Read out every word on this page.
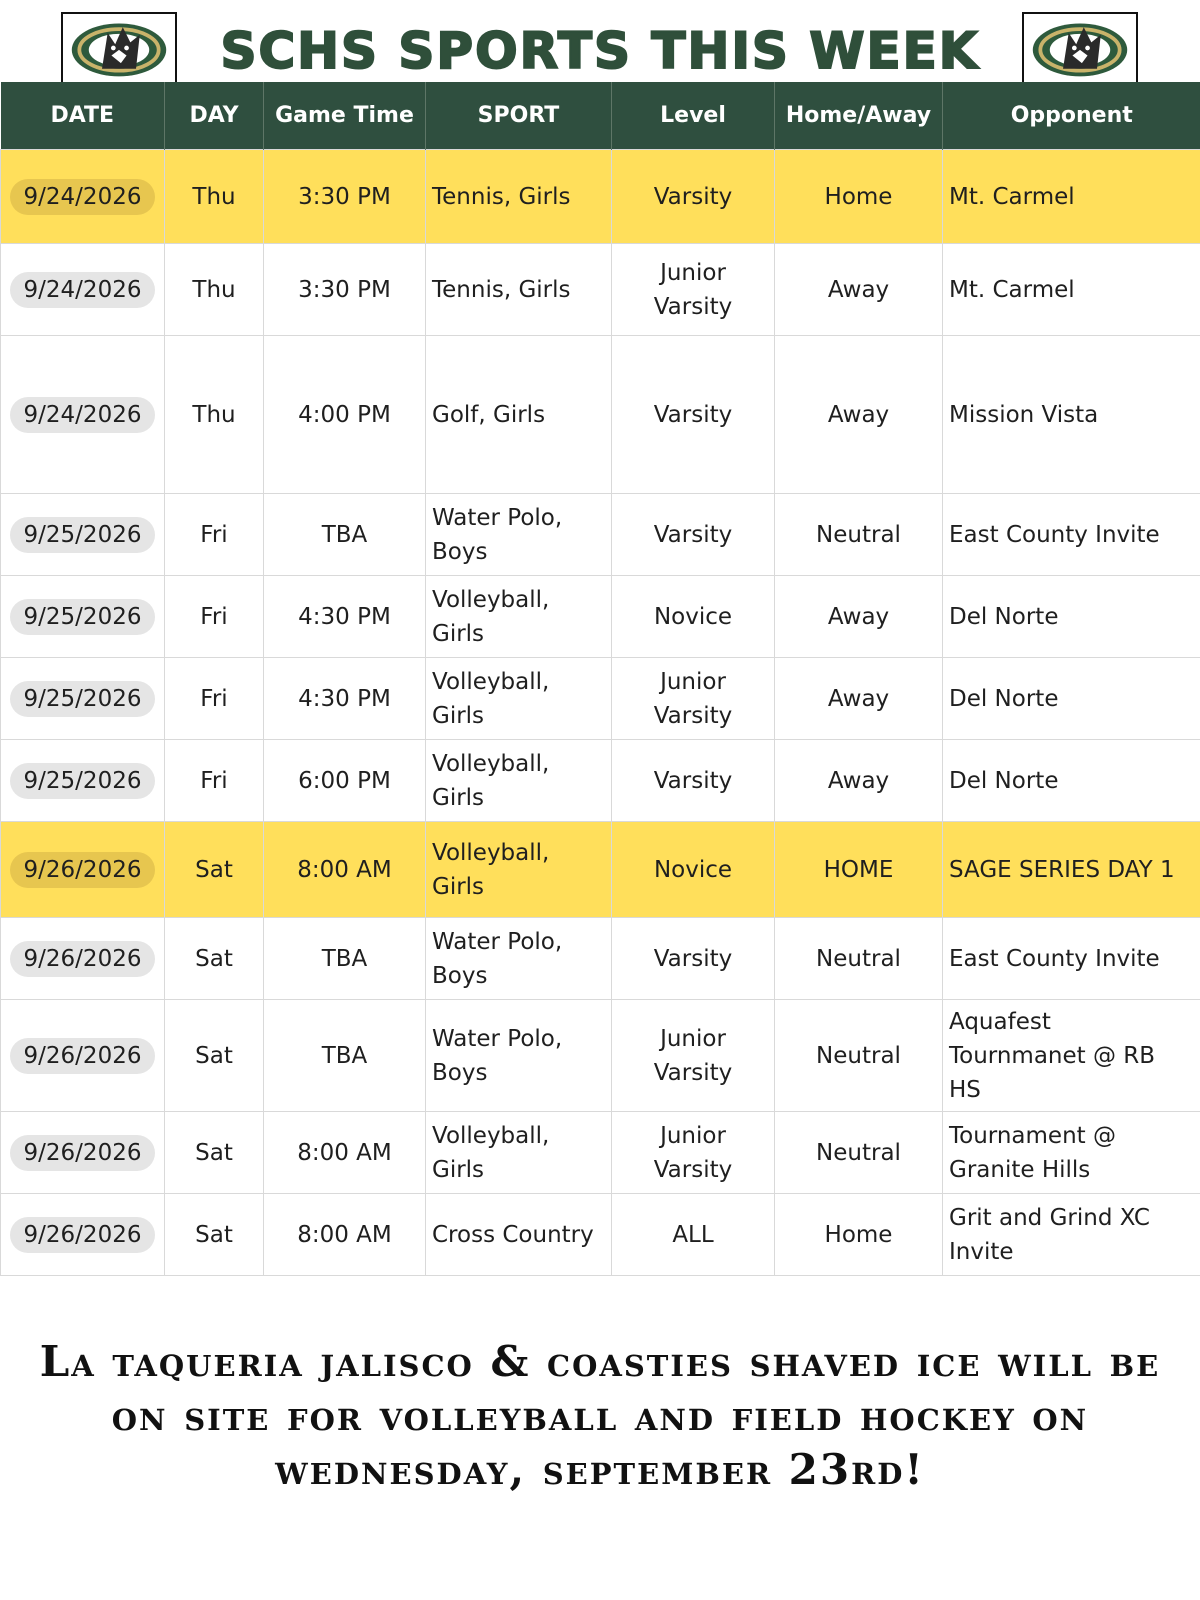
SCHS SPORTS THIS WEEK
DATE	DAY	Game Time	SPORT	Level	Home/Away	Opponent
9/24/2026	Thu	3:30 PM	Tennis, Girls	Varsity	Home	Mt. Carmel
9/24/2026	Thu	3:30 PM	Tennis, Girls	Junior Varsity	Away	Mt. Carmel
9/24/2026	Thu	4:00 PM	Golf, Girls	Varsity	Away	Mission Vista
9/25/2026	Fri	TBA	Water Polo, Boys	Varsity	Neutral	East County Invite
9/25/2026	Fri	4:30 PM	Volleyball, Girls	Novice	Away	Del Norte
9/25/2026	Fri	4:30 PM	Volleyball, Girls	Junior Varsity	Away	Del Norte
9/25/2026	Fri	6:00 PM	Volleyball, Girls	Varsity	Away	Del Norte
9/26/2026	Sat	8:00 AM	Volleyball, Girls	Novice	HOME	SAGE SERIES DAY 1
9/26/2026	Sat	TBA	Water Polo, Boys	Varsity	Neutral	East County Invite
9/26/2026	Sat	TBA	Water Polo, Boys	Junior Varsity	Neutral	Aquafest Tournmanet @ RB HS
9/26/2026	Sat	8:00 AM	Volleyball, Girls	Junior Varsity	Neutral	Tournament @ Granite Hills
9/26/2026	Sat	8:00 AM	Cross Country	ALL	Home	Grit and Grind XC Invite
La taqueria jalisco & coasties shaved ice will be on site for volleyball and field hockey on wednesday, september 23rd!
